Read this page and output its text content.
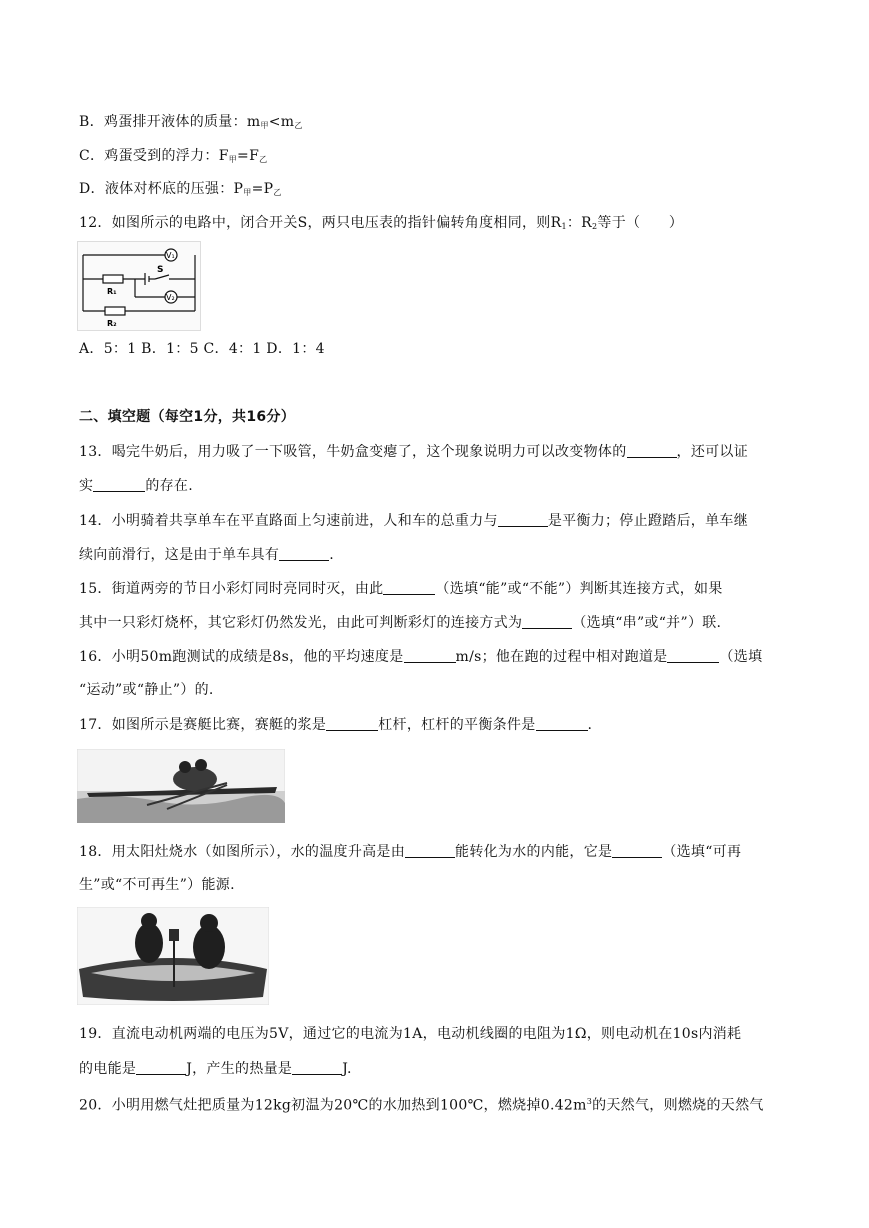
B．鸡蛋排开液体的质量：$m_甲<m_乙$
C．鸡蛋受到的浮力：$F_甲=F_乙$
D．液体对杯底的压强：$P_甲=P_乙$
12．如图所示的电路中，闭合开关S，两只电压表的指针偏转角度相同，则$R_1$：$R_2$等于（　　）
V₁
V₂
S
R₁
R₂
A．5：1 B．1：5 C．4：1 D．1：4
二、填空题（每空1分，共16分）
13．喝完牛奶后，用力吸了一下吸管，牛奶盒变瘪了，这个现象说明力可以改变物体的	，还可以证
实	的存在.
14．小明骑着共享单车在平直路面上匀速前进，人和车的总重力与	是平衡力；停止蹬踏后，单车继
续向前滑行，这是由于单车具有	.
15．街道两旁的节日小彩灯同时亮同时灭，由此	（选填“能”或“不能”）判断其连接方式，如果
其中一只彩灯烧杯，其它彩灯仍然发光，由此可判断彩灯的连接方式为	（选填“串”或“并”）联.
16．小明50m跑测试的成绩是8s，他的平均速度是	m/s；他在跑的过程中相对跑道是	（选填
“运动”或“静止”）的.
17．如图所示是赛艇比赛，赛艇的浆是	杠杆，杠杆的平衡条件是	.
18．用太阳灶烧水（如图所示），水的温度升高是由	能转化为水的内能，它是	（选填“可再
生”或“不可再生”）能源.
19．直流电动机两端的电压为5V，通过它的电流为1A，电动机线圈的电阻为1Ω，则电动机在10s内消耗
的电能是	J，产生的热量是	J.
20．小明用燃气灶把质量为12kg初温为20℃的水加热到100℃，燃烧掉$0.42m^3$的天然气，则燃烧的天然气
